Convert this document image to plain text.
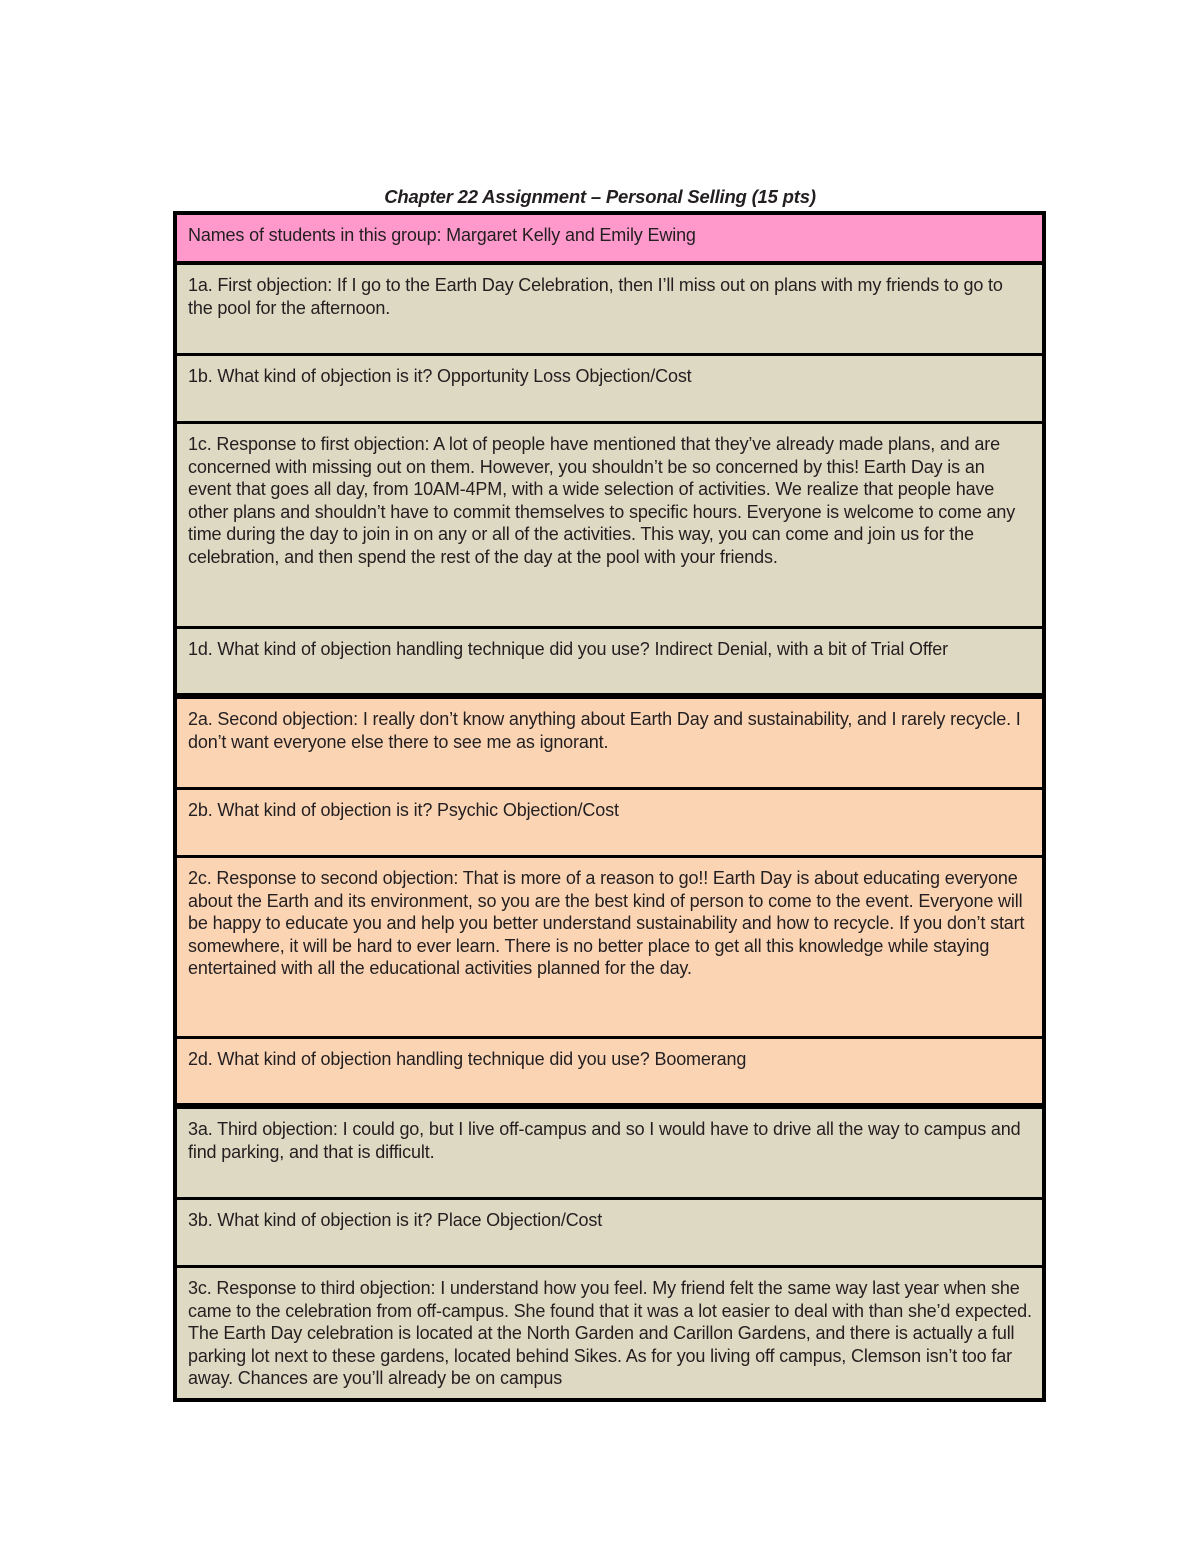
Chapter 22 Assignment – Personal Selling (15 pts)
Names of students in this group: Margaret Kelly and Emily Ewing
1a. First objection: If I go to the Earth Day Celebration, then I’ll miss out on plans with my friends to go to the pool for the afternoon.
1b. What kind of objection is it? Opportunity Loss Objection/Cost
1c. Response to first objection: A lot of people have mentioned that they’ve already made plans, and are concerned with missing out on them. However, you shouldn’t be so concerned by this! Earth Day is an event that goes all day, from 10AM-4PM, with a wide selection of activities. We realize that people have other plans and shouldn’t have to commit themselves to specific hours. Everyone is welcome to come any time during the day to join in on any or all of the activities. This way, you can come and join us for the celebration, and then spend the rest of the day at the pool with your friends.
1d. What kind of objection handling technique did you use? Indirect Denial, with a bit of Trial Offer
2a. Second objection: I really don’t know anything about Earth Day and sustainability, and I rarely recycle. I don’t want everyone else there to see me as ignorant.
2b. What kind of objection is it? Psychic Objection/Cost
2c. Response to second objection: That is more of a reason to go!! Earth Day is about educating everyone about the Earth and its environment, so you are the best kind of person to come to the event. Everyone will be happy to educate you and help you better understand sustainability and how to recycle. If you don’t start somewhere, it will be hard to ever learn. There is no better place to get all this knowledge while staying entertained with all the educational activities planned for the day.
2d. What kind of objection handling technique did you use? Boomerang
3a. Third objection: I could go, but I live off-campus and so I would have to drive all the way to campus and find parking, and that is difficult.
3b. What kind of objection is it? Place Objection/Cost
3c. Response to third objection: I understand how you feel. My friend felt the same way last year when she came to the celebration from off-campus. She found that it was a lot easier to deal with than she’d expected. The Earth Day celebration is located at the North Garden and Carillon Gardens, and there is actually a full parking lot next to these gardens, located behind Sikes. As for you living off campus, Clemson isn’t too far away. Chances are you’ll already be on campus
